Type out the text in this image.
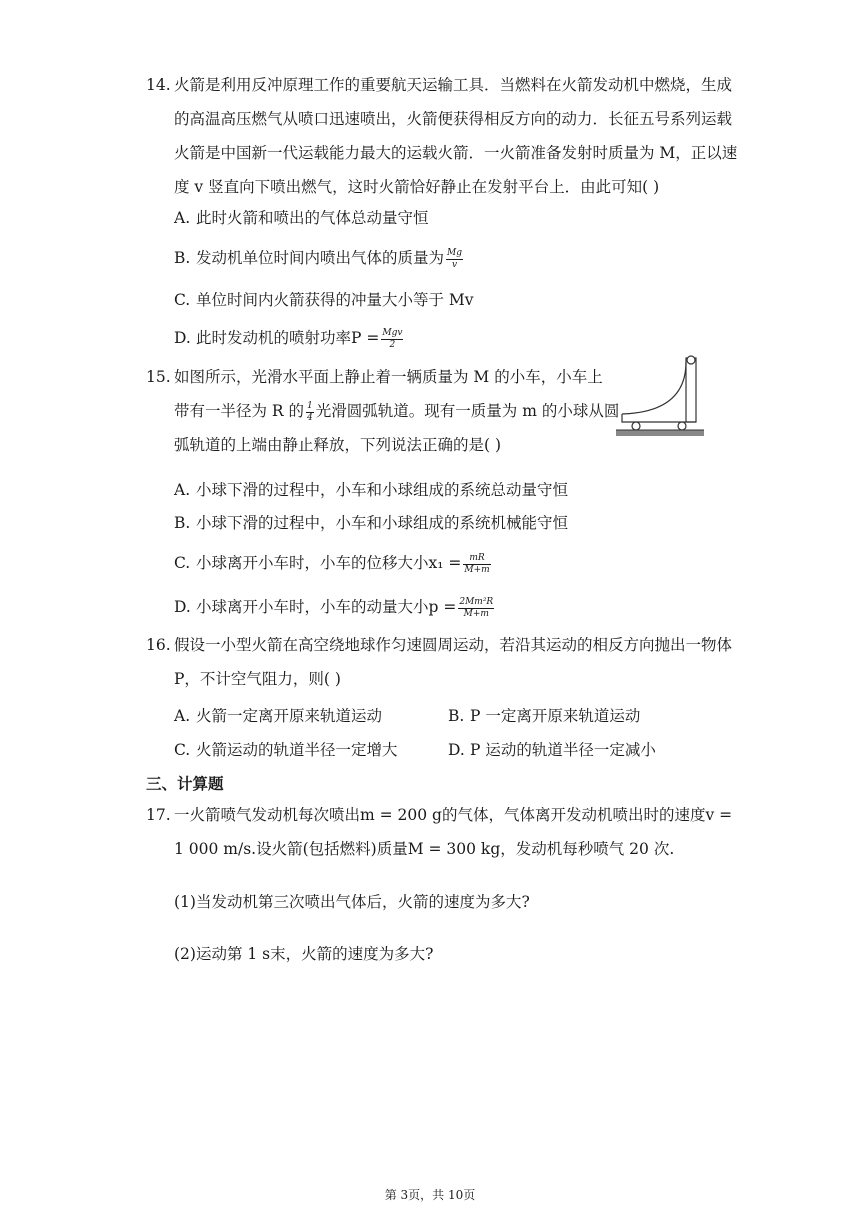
14. 火箭是利用反冲原理工作的重要航天运输工具．当燃料在火箭发动机中燃烧，生成
的高温高压燃气从喷口迅速喷出，火箭便获得相反方向的动力．长征五号系列运载
火箭是中国新一代运载能力最大的运载火箭．一火箭准备发射时质量为 M，正以速
度 v 竖直向下喷出燃气，这时火箭恰好静止在发射平台上．由此可知( )
A. 此时火箭和喷出的气体总动量守恒
B. 发动机单位时间内喷出气体的质量为 $\frac{Mg}{v}$
C. 单位时间内火箭获得的冲量大小等于 Mv
D. 此时发动机的喷射功率$P = \frac{\text{Mgv}}{2}$
15. 如图所示，光滑水平面上静止着一辆质量为 M 的小车，小车上
带有一半径为 R 的 $\frac{1}{4}$ 光滑圆弧轨道。现有一质量为 m 的小球从圆
弧轨道的上端由静止释放，下列说法正确的是( )
A. 小球下滑的过程中，小车和小球组成的系统总动量守恒
B. 小球下滑的过程中，小车和小球组成的系统机械能守恒
C. 小球离开小车时，小车的位移大小$x_1 = \frac{mR}{M+m}$
D. 小球离开小车时，小车的动量大小$p = \frac{\text{2Mm²R}}{M+m}$
16. 假设一小型火箭在高空绕地球作匀速圆周运动，若沿其运动的相反方向抛出一物体
P，不计空气阻力，则( )
A. 火箭一定离开原来轨道运动	B. P 一定离开原来轨道运动
C. 火箭运动的轨道半径一定增大	D. P 运动的轨道半径一定减小
三、计算题
17. 一火箭喷气发动机每次喷出m = 200 g的气体，气体离开发动机喷出时的速度v =
1 000 m/s.设火箭(包括燃料)质量M = 300 kg，发动机每秒喷气 20 次.
(1)当发动机第三次喷出气体后，火箭的速度为多大?
(2)运动第 1 s末，火箭的速度为多大?
第 3页，共 10页
